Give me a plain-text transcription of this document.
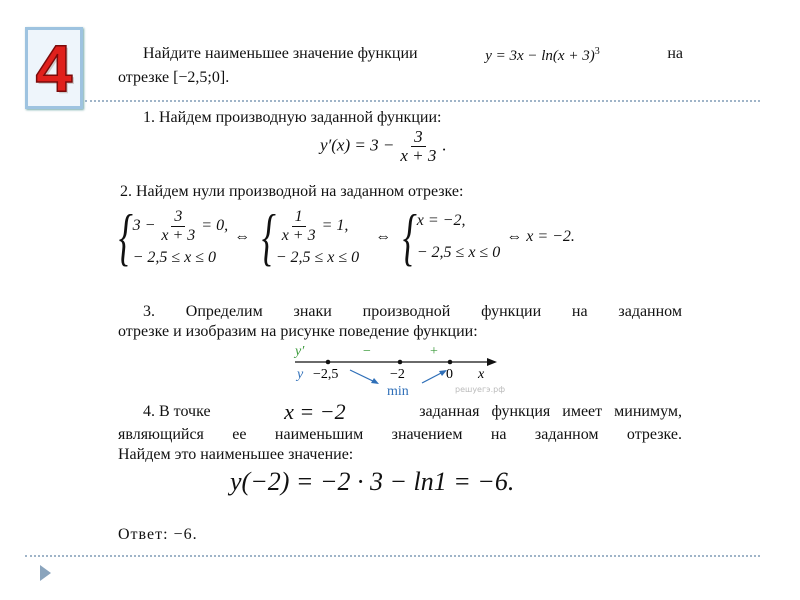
4	Найдите наименьшее значение функции	$y = 3x - \ln(x + 3)^3$	на
отрезке [−2,5;0].
1. Найдем производную заданной функции:
$y'(x) = 3 - \frac{3}{x + 3}$ .
2. Найдем нули производной на заданном отрезке:
{ $3 - \frac{3}{x + 3} = 0$,
− 2,5 ≤ x ≤ 0
⇔ { $\frac{1}{x + 3} = 1$,
− 2,5 ≤ x ≤ 0
⇔ { x = −2,
− 2,5 ≤ x ≤ 0
⇔ x = −2.
3. Определим знаки производной функции на заданном
отрезке и изобразим на рисунке поведение функции:
y′	−	+
y −2,5	−2	0 x
min	решуегэ.рф
4. В точке	x = −2	заданная функция имеет минимум,
являющийся ее наименьшим значением на заданном отрезке.
Найдем это наименьшее значение:
y(−2) = −2 · 3 − ln1 = −6.
Ответ: −6.
